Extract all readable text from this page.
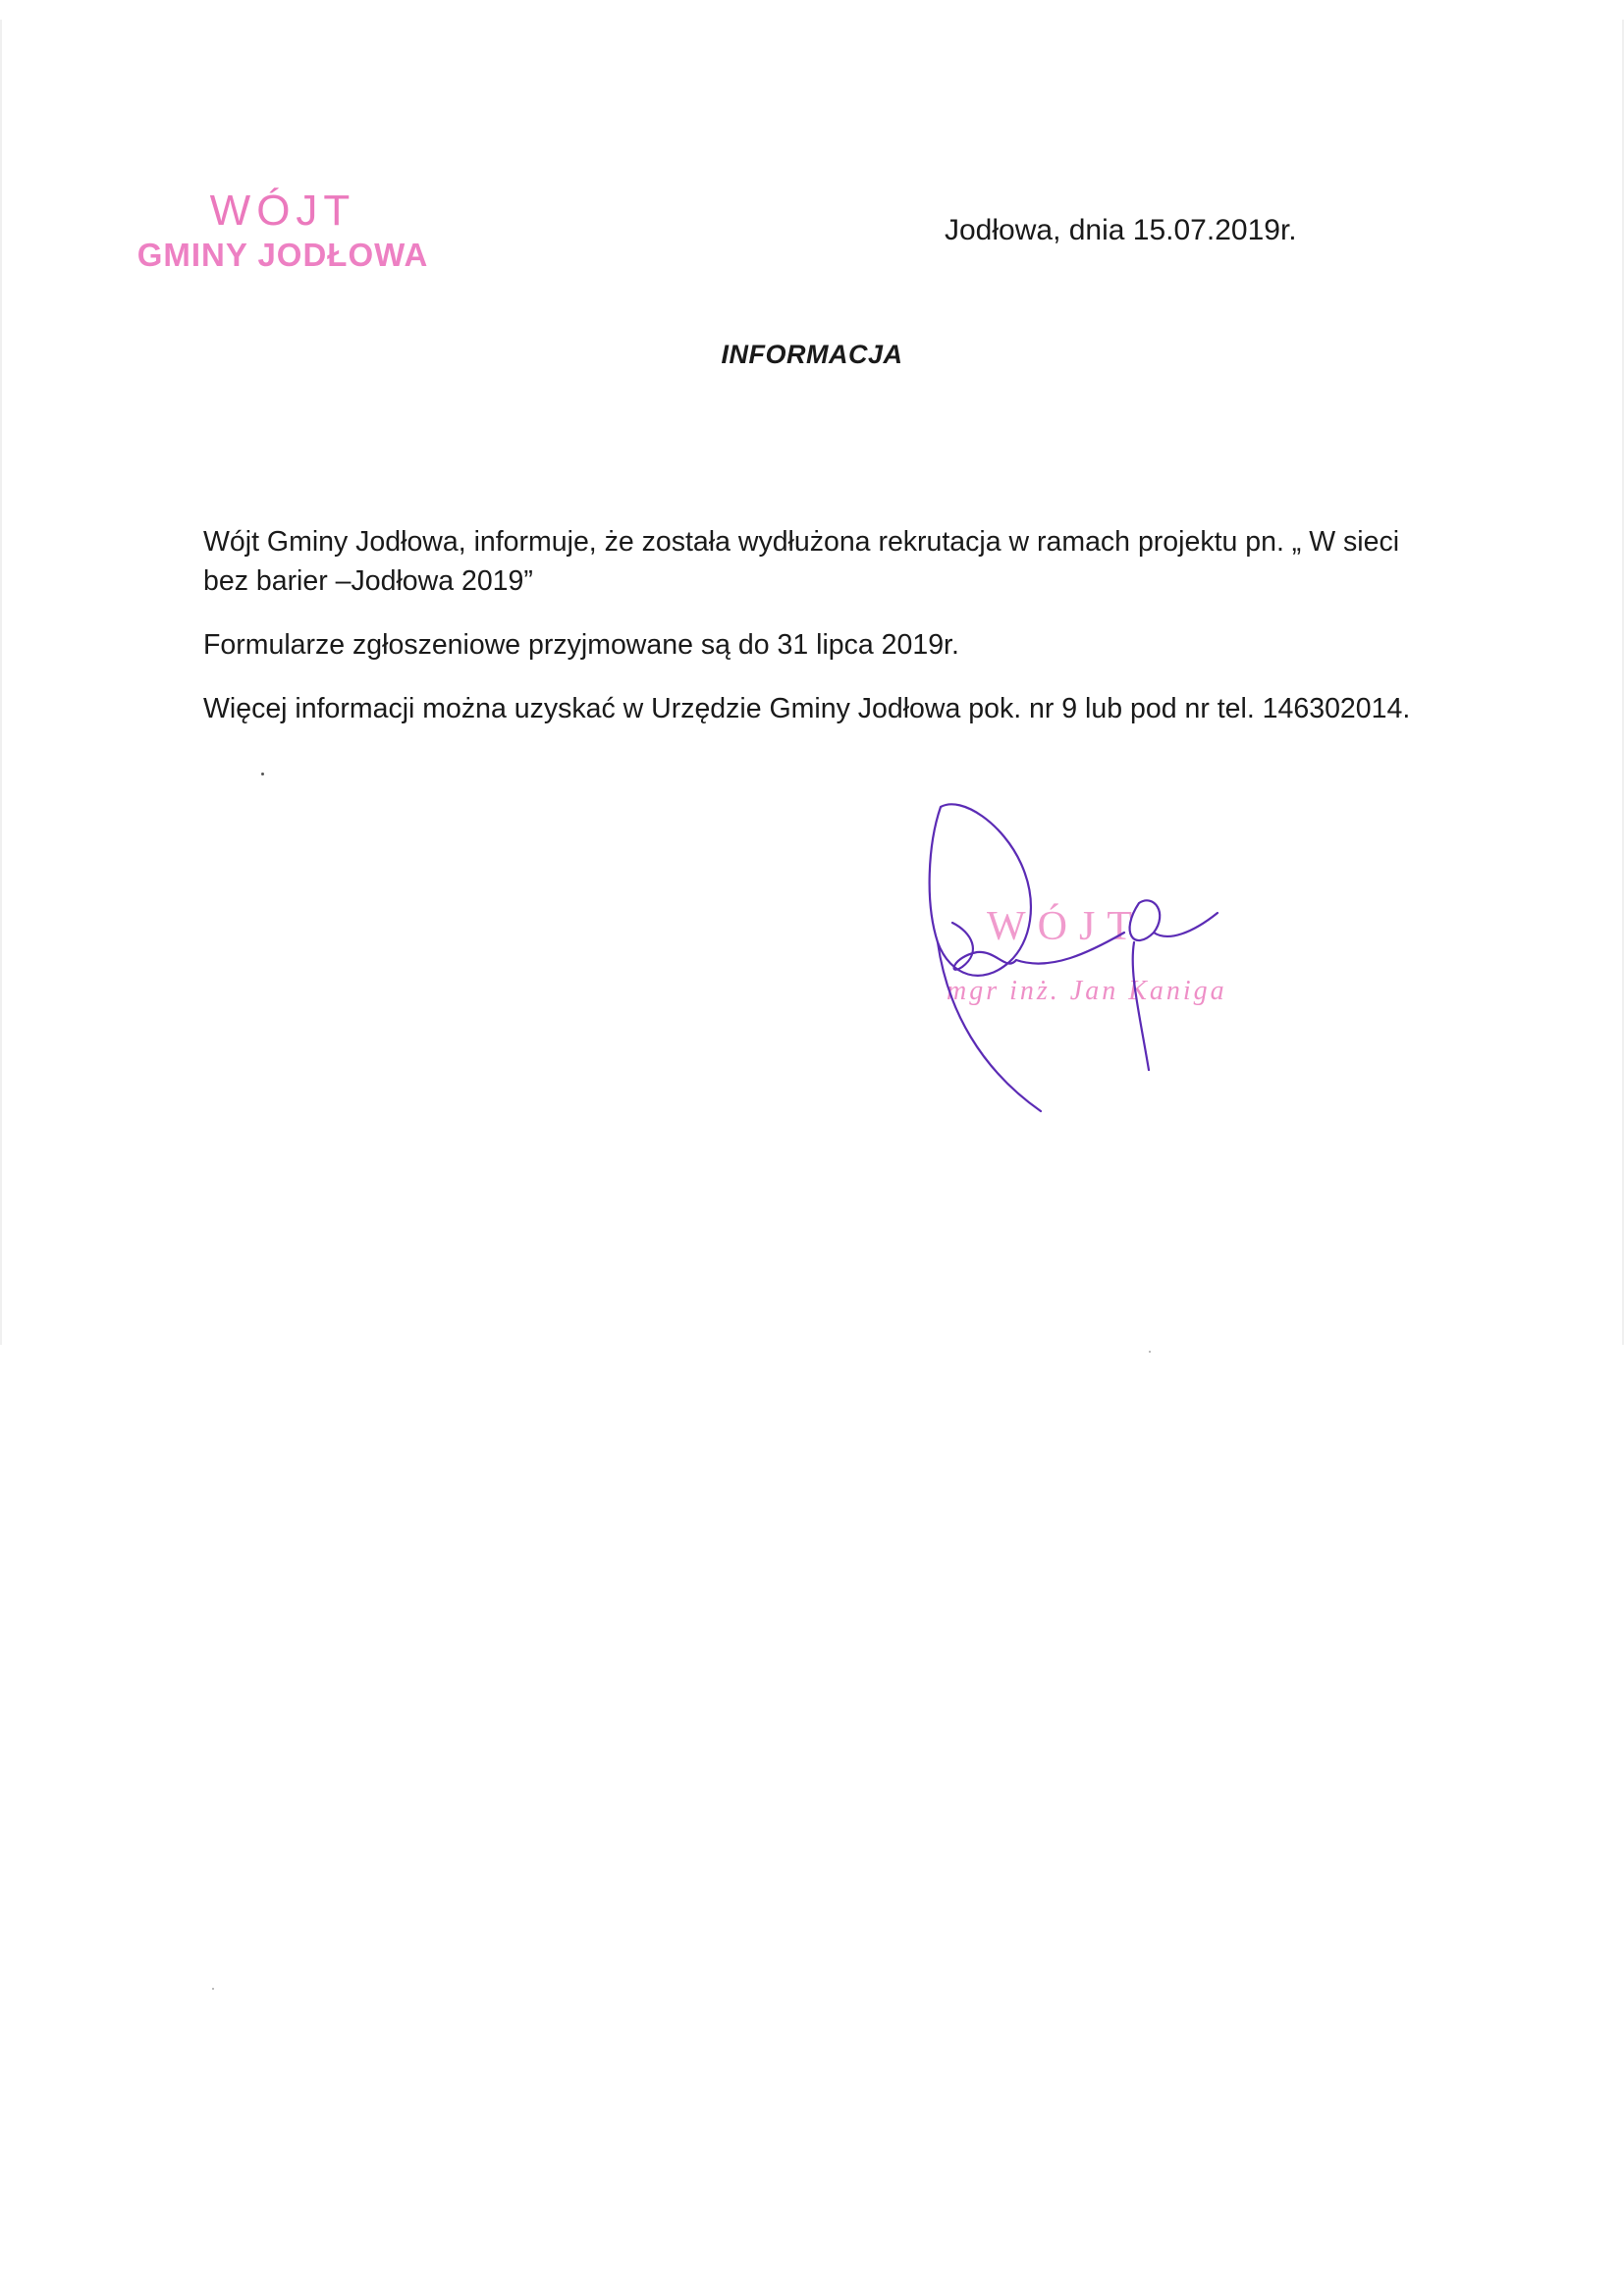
WÓJT
GMINY JODŁOWA
Jodłowa, dnia 15.07.2019r.
INFORMACJA

Wójt Gminy Jodłowa, informuje, że została wydłużona rekrutacja w ramach projektu pn. „ W sieci bez barier –Jodłowa 2019”

Formularze zgłoszeniowe przyjmowane są do 31 lipca 2019r.

Więcej informacji można uzyskać w Urzędzie Gminy Jodłowa pok. nr 9 lub pod nr tel. 146302014.

WÓJT
mgr inż. Jan Kaniga
